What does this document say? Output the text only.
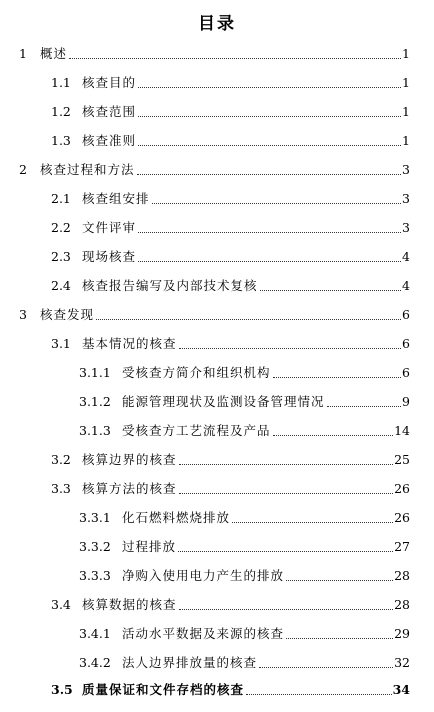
目录
1 概述	1
1.1 核查目的	1
1.2 核查范围	1
1.3 核查准则	1
2 核查过程和方法	3
2.1 核查组安排	3
2.2 文件评审	3
2.3 现场核查	4
2.4 核查报告编写及内部技术复核	4
3 核查发现	6
3.1 基本情况的核查	6
3.1.1 受核查方简介和组织机构	6
3.1.2 能源管理现状及监测设备管理情况	9
3.1.3 受核查方工艺流程及产品	14
3.2 核算边界的核查	25
3.3 核算方法的核查	26
3.3.1 化石燃料燃烧排放	26
3.3.2 过程排放	27
3.3.3 净购入使用电力产生的排放	28
3.4 核算数据的核查	28
3.4.1 活动水平数据及来源的核查	29
3.4.2 法人边界排放量的核查	32
3.5 质量保证和文件存档的核查	34
